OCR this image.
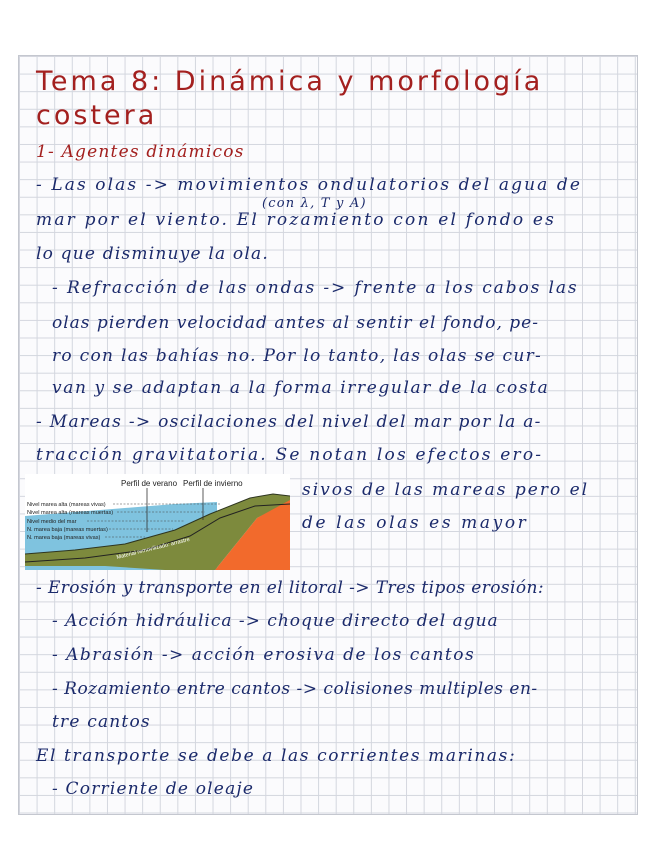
Tema 8: Dinámica y morfología
costera
1- Agentes dinámicos
- Las olas -> movimientos ondulatorios del agua de
(con λ, T y A)
mar por el viento. El rozamiento con el fondo es
lo que disminuye la ola.
- Refracción de las ondas -> frente a los cabos las
olas pierden velocidad antes al sentir el fondo, pe-
ro con las bahías no. Por lo tanto, las olas se cur-
van y se adaptan a la forma irregular de la costa
- Mareas -> oscilaciones del nivel del mar por la a-
tracción gravitatoria. Se notan los efectos ero-
sivos de las mareas pero el
de las olas es mayor
- Erosión y transporte en el litoral -> Tres tipos erosión:
- Acción hidráulica -> choque directo del agua
- Abrasión -> acción erosiva de los cantos
- Rozamiento entre cantos -> colisiones multiples en-
tre cantos
El transporte se debe a las corrientes marinas:
- Corriente de oleaje
Perfil de verano Perfil de invierno
Nivel marea alta (mareas vivas)
Nivel marea alta (mareas muertas)
Nivel medio del mar
N. marea baja (mareas muertas)
N. marea baja (mareas vivas)	Material removilizado: arrastre
